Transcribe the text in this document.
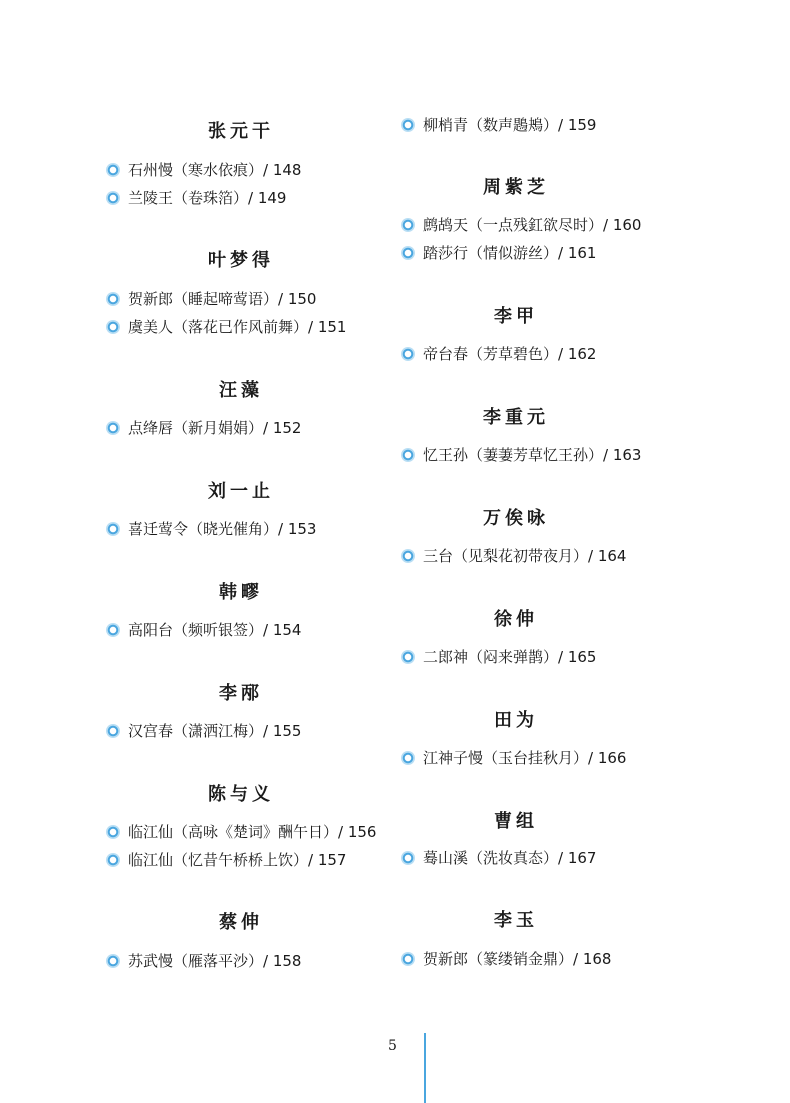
张元干
石州慢（寒水依痕）/ 148
兰陵王（卷珠箔）/ 149
叶梦得
贺新郎（睡起啼莺语）/ 150
虞美人（落花已作风前舞）/ 151
汪藻
点绛唇（新月娟娟）/ 152
刘一止
喜迁莺令（晓光催角）/ 153
韩疁
高阳台（频听银签）/ 154
李邴
汉宫春（潇洒江梅）/ 155
陈与义
临江仙（高咏《楚词》酬午日）/ 156
临江仙（忆昔午桥桥上饮）/ 157
蔡伸
苏武慢（雁落平沙）/ 158
柳梢青（数声鶗鴂）/ 159
周紫芝
鹧鸪天（一点残釭欲尽时）/ 160
踏莎行（情似游丝）/ 161
李甲
帝台春（芳草碧色）/ 162
李重元
忆王孙（萋萋芳草忆王孙）/ 163
万俟咏
三台（见梨花初带夜月）/ 164
徐伸
二郎神（闷来弹鹊）/ 165
田为
江神子慢（玉台挂秋月）/ 166
曹组
蓦山溪（洗妆真态）/ 167
李玉
贺新郎（篆缕销金鼎）/ 168
5
